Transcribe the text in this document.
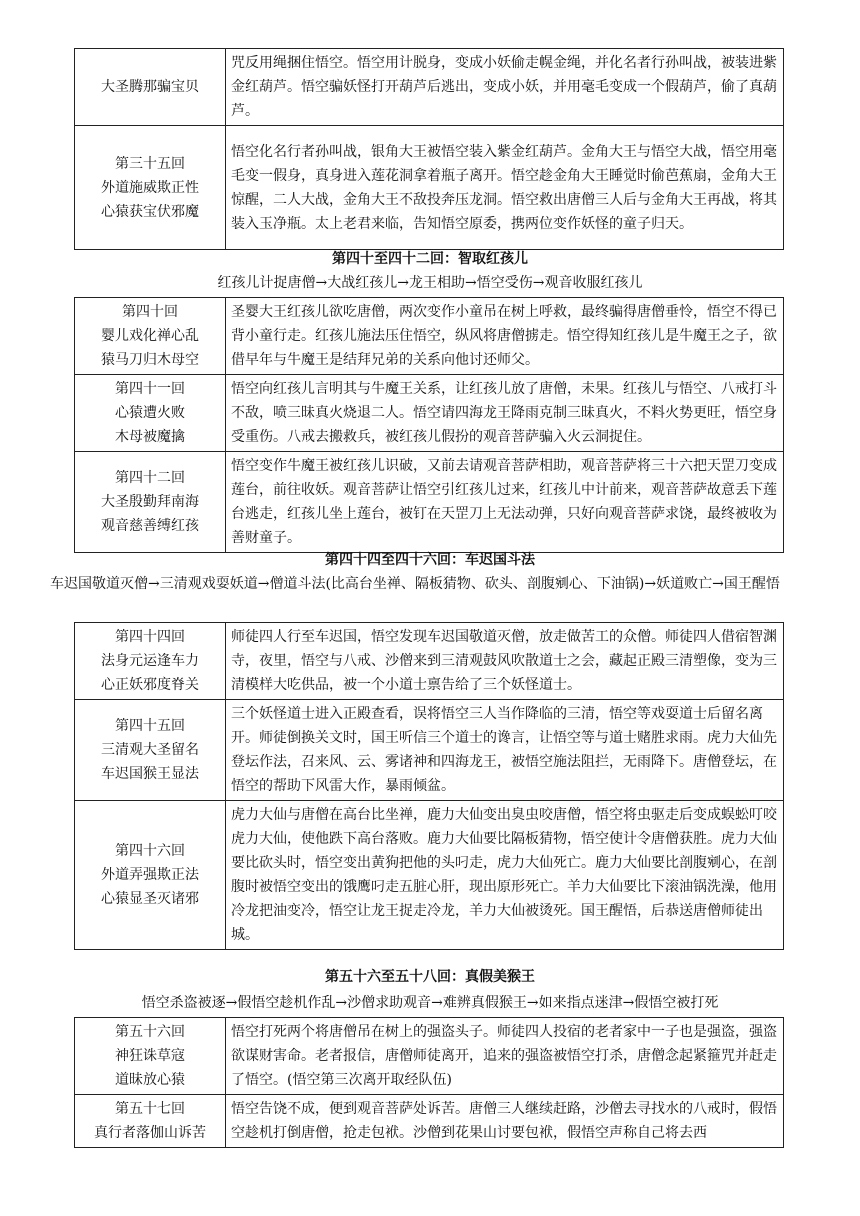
大圣腾那骗宝贝	咒反用绳捆住悟空。悟空用计脱身，变成小妖偷走幌金绳，并化名者行孙叫战，被装进紫金红葫芦。悟空骗妖怪打开葫芦后逃出，变成小妖，并用毫毛变成一个假葫芦，偷了真葫芦。

第三十五回
外道施威欺正性
心猿获宝伏邪魔	悟空化名行者孙叫战，银角大王被悟空装入紫金红葫芦。金角大王与悟空大战，悟空用毫毛变一假身，真身进入莲花洞拿着瓶子离开。悟空趁金角大王睡觉时偷芭蕉扇，金角大王惊醒，二人大战，金角大王不敌投奔压龙洞。悟空救出唐僧三人后与金角大王再战，将其装入玉净瓶。太上老君来临，告知悟空原委，携两位变作妖怪的童子归天。
第四十至四十二回：智取红孩儿
红孩儿计捉唐僧→大战红孩儿→龙王相助→悟空受伤→观音收服红孩儿
第四十回
婴儿戏化禅心乱
猿马刀归木母空	圣婴大王红孩儿欲吃唐僧，两次变作小童吊在树上呼救，最终骗得唐僧垂怜，悟空不得已背小童行走。红孩儿施法压住悟空，纵风将唐僧掳走。悟空得知红孩儿是牛魔王之子，欲借早年与牛魔王是结拜兄弟的关系向他讨还师父。

第四十一回
心猿遭火败
木母被魔擒	悟空向红孩儿言明其与牛魔王关系，让红孩儿放了唐僧，未果。红孩儿与悟空、八戒打斗不敌，喷三昧真火烧退二人。悟空请四海龙王降雨克制三昧真火，不料火势更旺，悟空身受重伤。八戒去搬救兵，被红孩儿假扮的观音菩萨骗入火云洞捉住。

第四十二回
大圣殷勤拜南海
观音慈善缚红孩	悟空变作牛魔王被红孩儿识破，又前去请观音菩萨相助，观音菩萨将三十六把天罡刀变成莲台，前往收妖。观音菩萨让悟空引红孩儿过来，红孩儿中计前来，观音菩萨故意丢下莲台逃走，红孩儿坐上莲台，被钉在天罡刀上无法动弹，只好向观音菩萨求饶，最终被收为善财童子。
第四十四至四十六回：车迟国斗法
车迟国敬道灭僧→三清观戏耍妖道→僧道斗法(比高台坐禅、隔板猜物、砍头、剖腹剜心、下油锅)→妖道败亡→国王醒悟
第四十四回
法身元运逢车力
心正妖邪度脊关	师徒四人行至车迟国，悟空发现车迟国敬道灭僧，放走做苦工的众僧。师徒四人借宿智渊寺，夜里，悟空与八戒、沙僧来到三清观鼓风吹散道士之会，藏起正殿三清塑像，变为三清模样大吃供品，被一个小道士禀告给了三个妖怪道士。

第四十五回
三清观大圣留名
车迟国猴王显法	三个妖怪道士进入正殿查看，误将悟空三人当作降临的三清，悟空等戏耍道士后留名离开。师徒倒换关文时，国王听信三个道士的谗言，让悟空等与道士赌胜求雨。虎力大仙先登坛作法，召来风、云、雾诸神和四海龙王，被悟空施法阻拦，无雨降下。唐僧登坛，在悟空的帮助下风雷大作，暴雨倾盆。

第四十六回
外道弄强欺正法
心猿显圣灭诸邪	虎力大仙与唐僧在高台比坐禅，鹿力大仙变出臭虫咬唐僧，悟空将虫驱走后变成蜈蚣叮咬虎力大仙，使他跌下高台落败。鹿力大仙要比隔板猜物，悟空使计令唐僧获胜。虎力大仙要比砍头时，悟空变出黄狗把他的头叼走，虎力大仙死亡。鹿力大仙要比剖腹剜心，在剖腹时被悟空变出的饿鹰叼走五脏心肝，现出原形死亡。羊力大仙要比下滚油锅洗澡，他用冷龙把油变冷，悟空让龙王捉走冷龙，羊力大仙被烫死。国王醒悟，后恭送唐僧师徒出城。
第五十六至五十八回：真假美猴王
悟空杀盗被逐→假悟空趁机作乱→沙僧求助观音→难辨真假猴王→如来指点迷津→假悟空被打死
第五十六回
神狂诛草寇
道昧放心猿	悟空打死两个将唐僧吊在树上的强盗头子。师徒四人投宿的老者家中一子也是强盗，强盗欲谋财害命。老者报信，唐僧师徒离开，追来的强盗被悟空打杀，唐僧念起紧箍咒并赶走了悟空。(悟空第三次离开取经队伍)

第五十七回
真行者落伽山诉苦	悟空告饶不成，便到观音菩萨处诉苦。唐僧三人继续赶路，沙僧去寻找水的八戒时，假悟空趁机打倒唐僧，抢走包袱。沙僧到花果山讨要包袱，假悟空声称自己将去西
